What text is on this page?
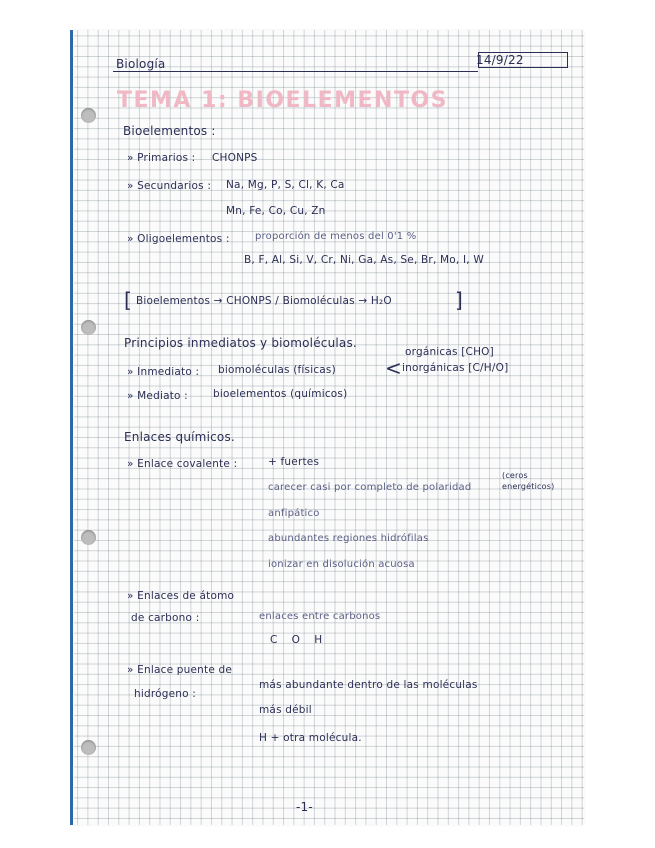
Biología	14/9/22
TEMA 1: BIOELEMENTOS
Bioelementos :
» Primarios : CHONPS
» Secundarios : Na, Mg, P, S, Cl, K, Ca
Mn, Fe, Co, Cu, Zn
» Oligoelementos :	proporción de menos del 0'1 %
B, F, Al, Si, V, Cr, Ni, Ga, As, Se, Br, Mo, I, W
[ Bioelementos → CHONPS / Biomoléculas → H₂O	]
Principios inmediatos y biomoléculas.
» Inmediato : biomoléculas (físicas) <
orgánicas [CHO]
inorgánicas [C/H/O]
» Mediato : bioelementos (químicos)
Enlaces químicos.
» Enlace covalente :	+ fuertes
carecer casi por completo de polaridad
(ceros energéticos)
anfipático
abundantes regiones hidrófilas
ionizar en disolución acuosa
» Enlaces de átomo
de carbono :	enlaces entre carbonos
C    O    H
» Enlace puente de
hidrógeno :
más abundante dentro de las moléculas
más débil
H + otra molécula.
-1-
